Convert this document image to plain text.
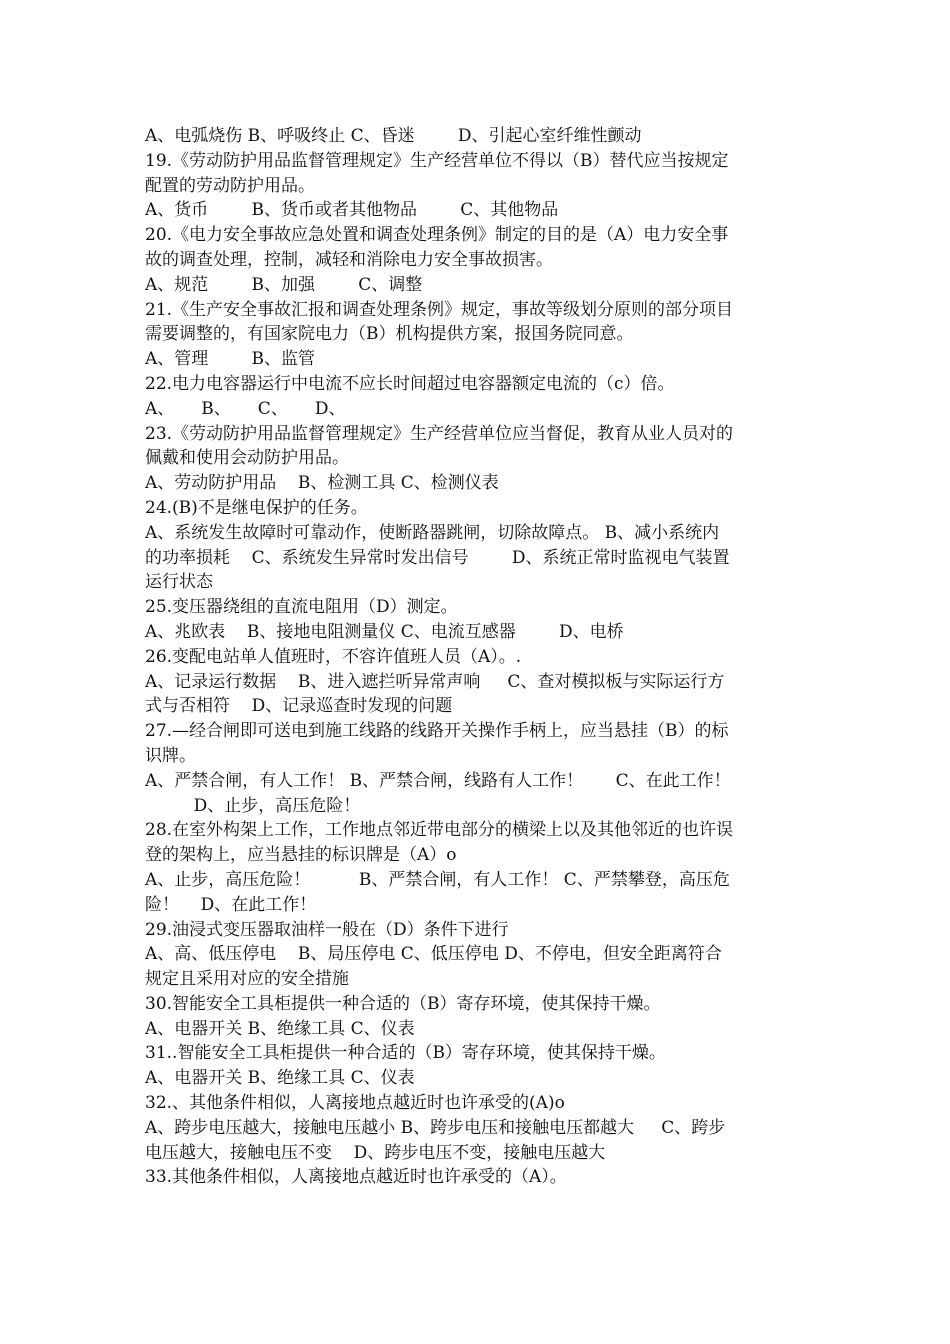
A、电弧烧伤 B、呼吸终止 C、昏迷        D、引起心室纤维性颤动
19.《劳动防护用品监督管理规定》生产经营单位不得以（B）替代应当按规定
配置的劳动防护用品。
A、货币        B、货币或者其他物品        C、其他物品
20.《电力安全事故应急处置和调查处理条例》制定的目的是（A）电力安全事
故的调查处理，控制，减轻和消除电力安全事故损害。
A、规范        B、加强        C、调整
21.《生产安全事故汇报和调查处理条例》规定，事故等级划分原则的部分项目
需要调整的，有国家院电力（B）机构提供方案，报国务院同意。
A、管理        B、监管
22.电力电容器运行中电流不应长时间超过电容器额定电流的（c）倍。
A、     B、     C、     D、
23.《劳动防护用品监督管理规定》生产经营单位应当督促，教育从业人员对的
佩戴和使用会动防护用品。
A、劳动防护用品    B、检测工具 C、检测仪表
24.(B)不是继电保护的任务。
A、系统发生故障时可靠动作，使断路器跳闸，切除故障点。 B、减小系统内
的功率损耗    C、系统发生异常时发出信号        D、系统正常时监视电气装置
运行状态
25.变压器绕组的直流电阻用（D）测定。
A、兆欧表    B、接地电阻测量仪 C、电流互感器        D、电桥
26.变配电站单人值班时，不容许值班人员（A）。.
A、记录运行数据    B、进入遮拦听异常声响     C、查对模拟板与实际运行方
式与否相符    D、记录巡查时发现的问题
27.—经合闸即可送电到施工线路的线路开关操作手柄上，应当悬挂（B）的标
识牌。
A、严禁合闸，有人工作！ B、严禁合闸，线路有人工作！      C、在此工作！
D、止步，高压危险！
28.在室外构架上工作，工作地点邻近带电部分的横梁上以及其他邻近的也许误
登的架构上，应当悬挂的标识牌是（A）o
A、止步，高压危险！         B、严禁合闸，有人工作！ C、严禁攀登，高压危
险！    D、在此工作！
29.油浸式变压器取油样一般在（D）条件下进行
A、高、低压停电    B、局压停电 C、低压停电 D、不停电，但安全距离符合
规定且采用对应的安全措施
30.智能安全工具柜提供一种合适的（B）寄存环境，使其保持干燥。
A、电器开关 B、绝缘工具 C、仪表
31..智能安全工具柜提供一种合适的（B）寄存环境，使其保持干燥。
A、电器开关 B、绝缘工具 C、仪表
32.、其他条件相似，人离接地点越近时也许承受的(A)o
A、跨步电压越大，接触电压越小 B、跨步电压和接触电压都越大     C、跨步
电压越大，接触电压不变    D、跨步电压不变，接触电压越大
33.其他条件相似，人离接地点越近时也许承受的（A）。
